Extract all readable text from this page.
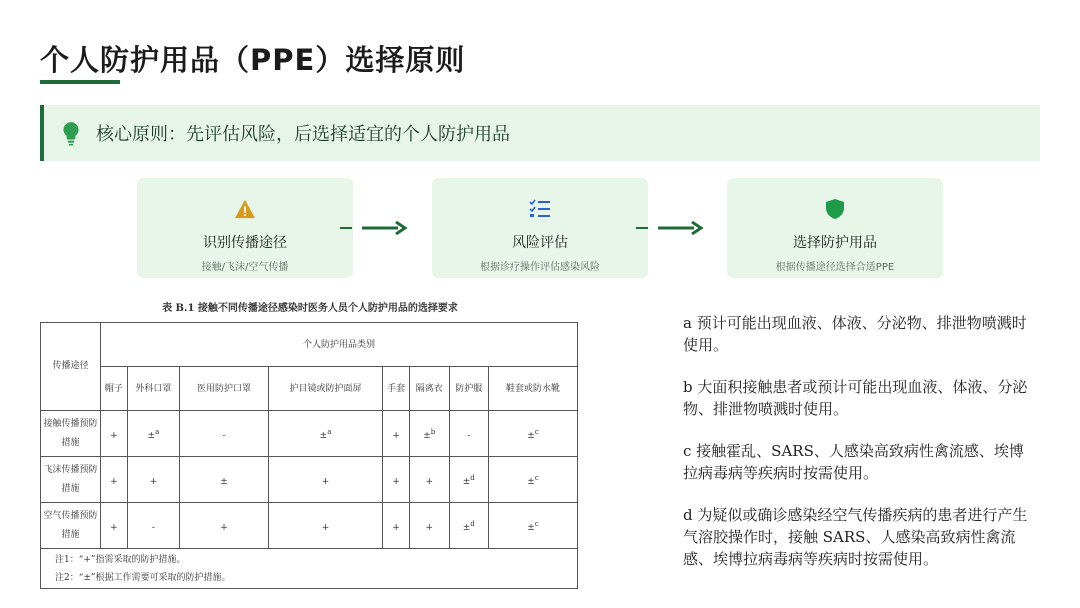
个人防护用品（PPE）选择原则
核心原则：先评估风险，后选择适宜的个人防护用品
识别传播途径
接触/飞沫/空气传播
风险评估
根据诊疗操作评估感染风险
选择防护用品
根据传播途径选择合适PPE
表 B.1 接触不同传播途径感染时医务人员个人防护用品的选择要求
传播途径	个人防护用品类别							
	帽子	外科口罩	医用防护口罩	护目镜或防护面屏	手套	隔离衣	防护服	鞋套或防水靴
接触传播预防措施	+	±$^a$	-	±$^a$	+	±$^b$	-	±$^c$
飞沫传播预防措施	+	+	±	+	+	+	±$^d$	±$^c$
空气传播预防措施	+	-	+	+	+	+	±$^d$	±$^c$

注1：“+”指需采取的防护措施。
注2：“±”根据工作需要可采取的防护措施。								

a 预计可能出现血液、体液、分泌物、排泄物喷溅时使用。

b 大面积接触患者或预计可能出现血液、体液、分泌物、排泄物喷溅时使用。

c 接触霍乱、SARS、人感染高致病性禽流感、埃博拉病毒病等疾病时按需使用。

d 为疑似或确诊感染经空气传播疾病的患者进行产生气溶胶操作时，接触 SARS、人感染高致病性禽流感、埃博拉病毒病等疾病时按需使用。
